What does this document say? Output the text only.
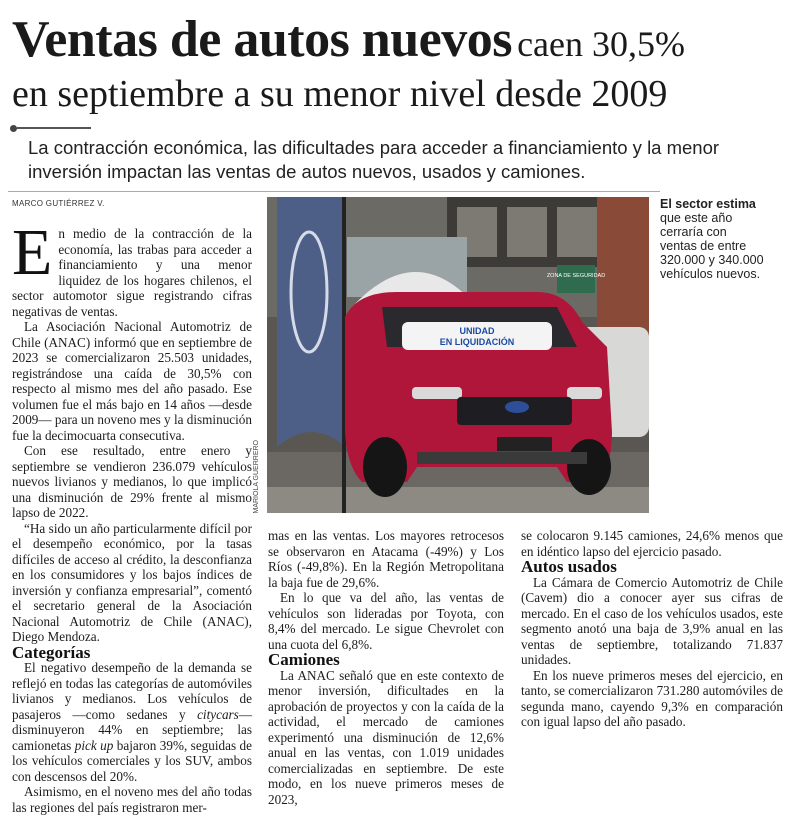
Ventas de autos nuevos caen 30,5%
en septiembre a su menor nivel desde 2009
La contracción económica, las dificultades para acceder a financiamiento y la menor inversión impactan las ventas de autos nuevos, usados y camiones.
MARCO GUTIÉRREZ V.
ZONA DE SEGURIDAD
UNIDAD
EN LIQUIDACIÓN
MARIOLA GUERRERO
El sector estima que este año cerraría con ventas de entre 320.000 y 340.000 vehículos nuevos.

En medio de la contracción de la economía, las trabas para acceder a financiamiento y una menor liquidez de los hogares chilenos, el sector automotor sigue registrando cifras negativas de ventas.

La Asociación Nacional Automotriz de Chile (ANAC) informó que en septiembre de 2023 se comercializaron 25.503 unidades, registrándose una caída de 30,5% con respecto al mismo mes del año pasado. Ese volumen fue el más bajo en 14 años —desde 2009— para un noveno mes y la disminución fue la decimocuarta consecutiva.

Con ese resultado, entre enero y septiembre se vendieron 236.079 vehículos nuevos livianos y medianos, lo que implicó una disminución de 29% frente al mismo lapso de 2022.

“Ha sido un año particularmente difícil por el desempeño económico, por la tasas difíciles de acceso al crédito, la desconfianza en los consumidores y los bajos índices de inversión y confianza empresarial”, comentó el secretario general de la Asociación Nacional Automotriz de Chile (ANAC), Diego Mendoza.

Categorías

El negativo desempeño de la demanda se reflejó en todas las categorías de automóviles livianos y medianos. Los vehículos de pasajeros —como sedanes y citycars— disminuyeron 44% en septiembre; las camionetas pick up bajaron 39%, seguidas de los vehículos comerciales y los SUV, ambos con descensos del 20%.

Asimismo, en el noveno mes del año todas las regiones del país registraron mer-

mas en las ventas. Los mayores retrocesos se observaron en Atacama (-49%) y Los Ríos (-49,8%). En la Región Metropolitana la baja fue de 29,6%.

En lo que va del año, las ventas de vehículos son lideradas por Toyota, con 8,4% del mercado. Le sigue Chevrolet con una cuota del 6,8%.

Camiones

La ANAC señaló que en este contexto de menor inversión, dificultades en la aprobación de proyectos y con la caída de la actividad, el mercado de camiones experimentó una disminución de 12,6% anual en las ventas, con 1.019 unidades comercializadas en septiembre. De este modo, en los nueve primeros meses de 2023,

se colocaron 9.145 camiones, 24,6% menos que en idéntico lapso del ejercicio pasado.

Autos usados

La Cámara de Comercio Automotriz de Chile (Cavem) dio a conocer ayer sus cifras de mercado. En el caso de los vehículos usados, este segmento anotó una baja de 3,9% anual en las ventas de septiembre, totalizando 71.837 unidades.

En los nueve primeros meses del ejercicio, en tanto, se comercializaron 731.280 automóviles de segunda mano, cayendo 9,3% en comparación con igual lapso del año pasado.
